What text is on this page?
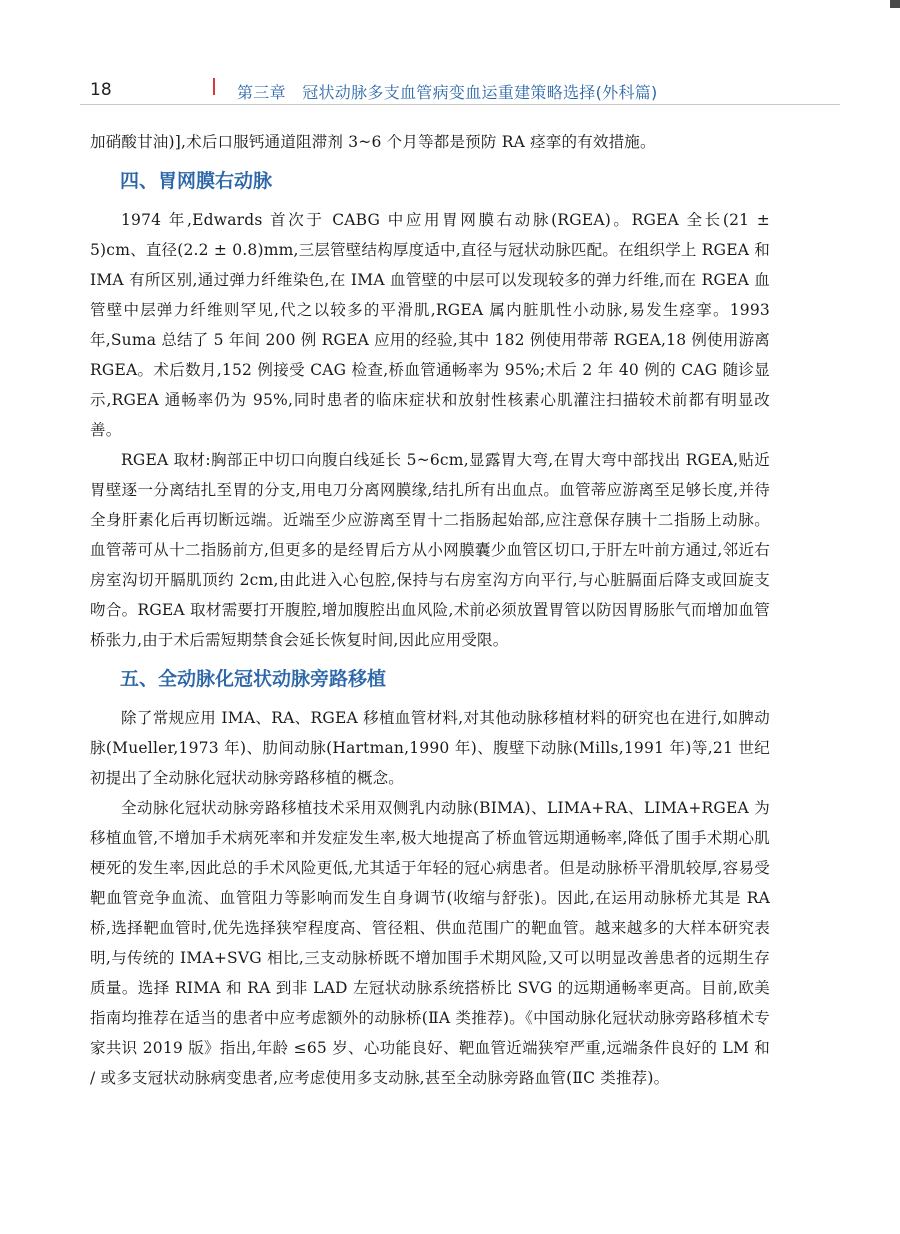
18	第三章　冠状动脉多支血管病变血运重建策略选择(外科篇)

加硝酸甘油)],术后口服钙通道阻滞剂 3~6 个月等都是预防 RA 痉挛的有效措施。

四、胃网膜右动脉

1974 年,Edwards 首次于 CABG 中应用胃网膜右动脉(RGEA)。RGEA 全长(21 ± 5)cm、直径(2.2 ± 0.8)mm,三层管壁结构厚度适中,直径与冠状动脉匹配。在组织学上 RGEA 和 IMA 有所区别,通过弹力纤维染色,在 IMA 血管壁的中层可以发现较多的弹力纤维,而在 RGEA 血管壁中层弹力纤维则罕见,代之以较多的平滑肌,RGEA 属内脏肌性小动脉,易发生痉挛。1993 年,Suma 总结了 5 年间 200 例 RGEA 应用的经验,其中 182 例使用带蒂 RGEA,18 例使用游离 RGEA。术后数月,152 例接受 CAG 检查,桥血管通畅率为 95%;术后 2 年 40 例的 CAG 随诊显示,RGEA 通畅率仍为 95%,同时患者的临床症状和放射性核素心肌灌注扫描较术前都有明显改善。

RGEA 取材:胸部正中切口向腹白线延长 5~6cm,显露胃大弯,在胃大弯中部找出 RGEA,贴近胃壁逐一分离结扎至胃的分支,用电刀分离网膜缘,结扎所有出血点。血管蒂应游离至足够长度,并待全身肝素化后再切断远端。近端至少应游离至胃十二指肠起始部,应注意保存胰十二指肠上动脉。血管蒂可从十二指肠前方,但更多的是经胃后方从小网膜囊少血管区切口,于肝左叶前方通过,邻近右房室沟切开膈肌顶约 2cm,由此进入心包腔,保持与右房室沟方向平行,与心脏膈面后降支或回旋支吻合。RGEA 取材需要打开腹腔,增加腹腔出血风险,术前必须放置胃管以防因胃肠胀气而增加血管桥张力,由于术后需短期禁食会延长恢复时间,因此应用受限。

五、全动脉化冠状动脉旁路移植

除了常规应用 IMA、RA、RGEA 移植血管材料,对其他动脉移植材料的研究也在进行,如脾动脉(Mueller,1973 年)、肋间动脉(Hartman,1990 年)、腹壁下动脉(Mills,1991 年)等,21 世纪初提出了全动脉化冠状动脉旁路移植的概念。

全动脉化冠状动脉旁路移植技术采用双侧乳内动脉(BIMA)、LIMA+RA、LIMA+RGEA 为移植血管,不增加手术病死率和并发症发生率,极大地提高了桥血管远期通畅率,降低了围手术期心肌梗死的发生率,因此总的手术风险更低,尤其适于年轻的冠心病患者。但是动脉桥平滑肌较厚,容易受靶血管竞争血流、血管阻力等影响而发生自身调节(收缩与舒张)。因此,在运用动脉桥尤其是 RA 桥,选择靶血管时,优先选择狭窄程度高、管径粗、供血范围广的靶血管。越来越多的大样本研究表明,与传统的 IMA+SVG 相比,三支动脉桥既不增加围手术期风险,又可以明显改善患者的远期生存质量。选择 RIMA 和 RA 到非 LAD 左冠状动脉系统搭桥比 SVG 的远期通畅率更高。目前,欧美指南均推荐在适当的患者中应考虑额外的动脉桥(ⅡA 类推荐)。《中国动脉化冠状动脉旁路移植术专家共识 2019 版》指出,年龄 ≤65 岁、心功能良好、靶血管近端狭窄严重,远端条件良好的 LM 和 / 或多支冠状动脉病变患者,应考虑使用多支动脉,甚至全动脉旁路血管(ⅡC 类推荐)。
